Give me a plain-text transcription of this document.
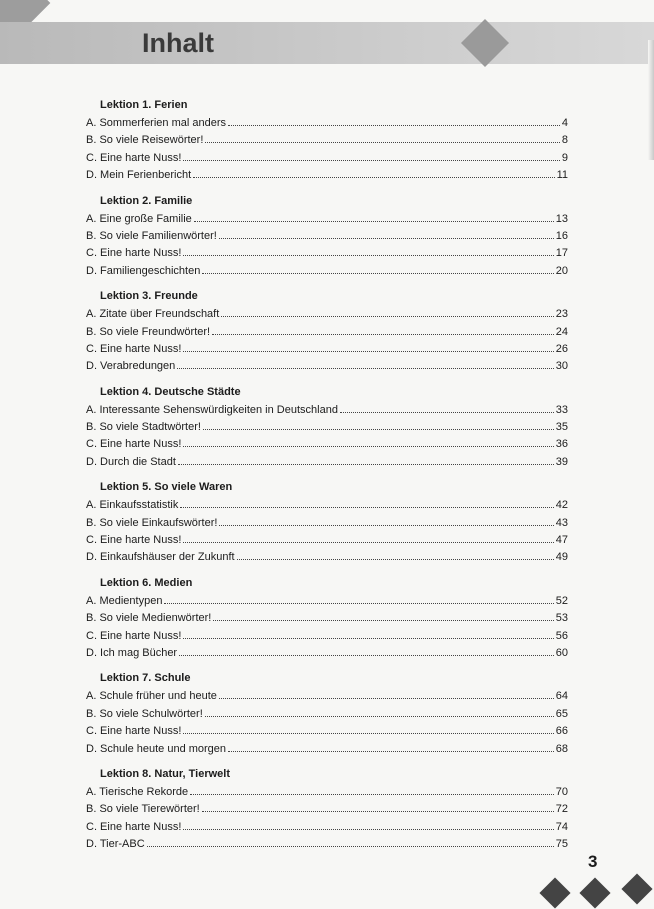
Inhalt
Lektion 1. Ferien
A. Sommerferien mal anders	4
B. So viele Reisewörter!	8
C. Eine harte Nuss!	9
D. Mein Ferienbericht	11
Lektion 2. Familie
A. Eine große Familie	13
B. So viele Familienwörter!	16
C. Eine harte Nuss!	17
D. Familiengeschichten	20
Lektion 3. Freunde
A. Zitate über Freundschaft	23
B. So viele Freundwörter!	24
C. Eine harte Nuss!	26
D. Verabredungen	30
Lektion 4. Deutsche Städte
A. Interessante Sehenswürdigkeiten in Deutschland	33
B. So viele Stadtwörter!	35
C. Eine harte Nuss!	36
D. Durch die Stadt	39
Lektion 5. So viele Waren
A. Einkaufsstatistik	42
B. So viele Einkaufswörter!	43
C. Eine harte Nuss!	47
D. Einkaufshäuser der Zukunft	49
Lektion 6. Medien
A. Medientypen	52
B. So viele Medienwörter!	53
C. Eine harte Nuss!	56
D. Ich mag Bücher	60
Lektion 7. Schule
A. Schule früher und heute	64
B. So viele Schulwörter!	65
C. Eine harte Nuss!	66
D. Schule heute und morgen	68
Lektion 8. Natur, Tierwelt
A. Tierische Rekorde	70
B. So viele Tierewörter!	72
C. Eine harte Nuss!	74
D. Tier-ABC	75
3
